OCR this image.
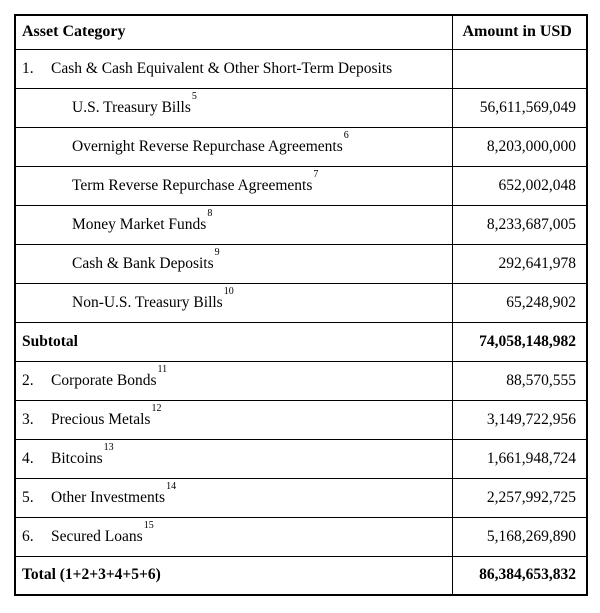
Asset Category	Amount in USD
1. Cash & Cash Equivalent & Other Short-Term Deposits	
U.S. Treasury Bills$^5$	56,611,569,049
Overnight Reverse Repurchase Agreements$^6$	8,203,000,000
Term Reverse Repurchase Agreements$^7$	652,002,048
Money Market Funds$^8$	8,233,687,005
Cash & Bank Deposits$^9$	292,641,978
Non-U.S. Treasury Bills$^{10}$	65,248,902
Subtotal	74,058,148,982
2. Corporate Bonds$^{11}$	88,570,555
3. Precious Metals$^{12}$	3,149,722,956
4. Bitcoins$^{13}$	1,661,948,724
5. Other Investments$^{14}$	2,257,992,725
6. Secured Loans$^{15}$	5,168,269,890
Total (1+2+3+4+5+6)	86,384,653,832
